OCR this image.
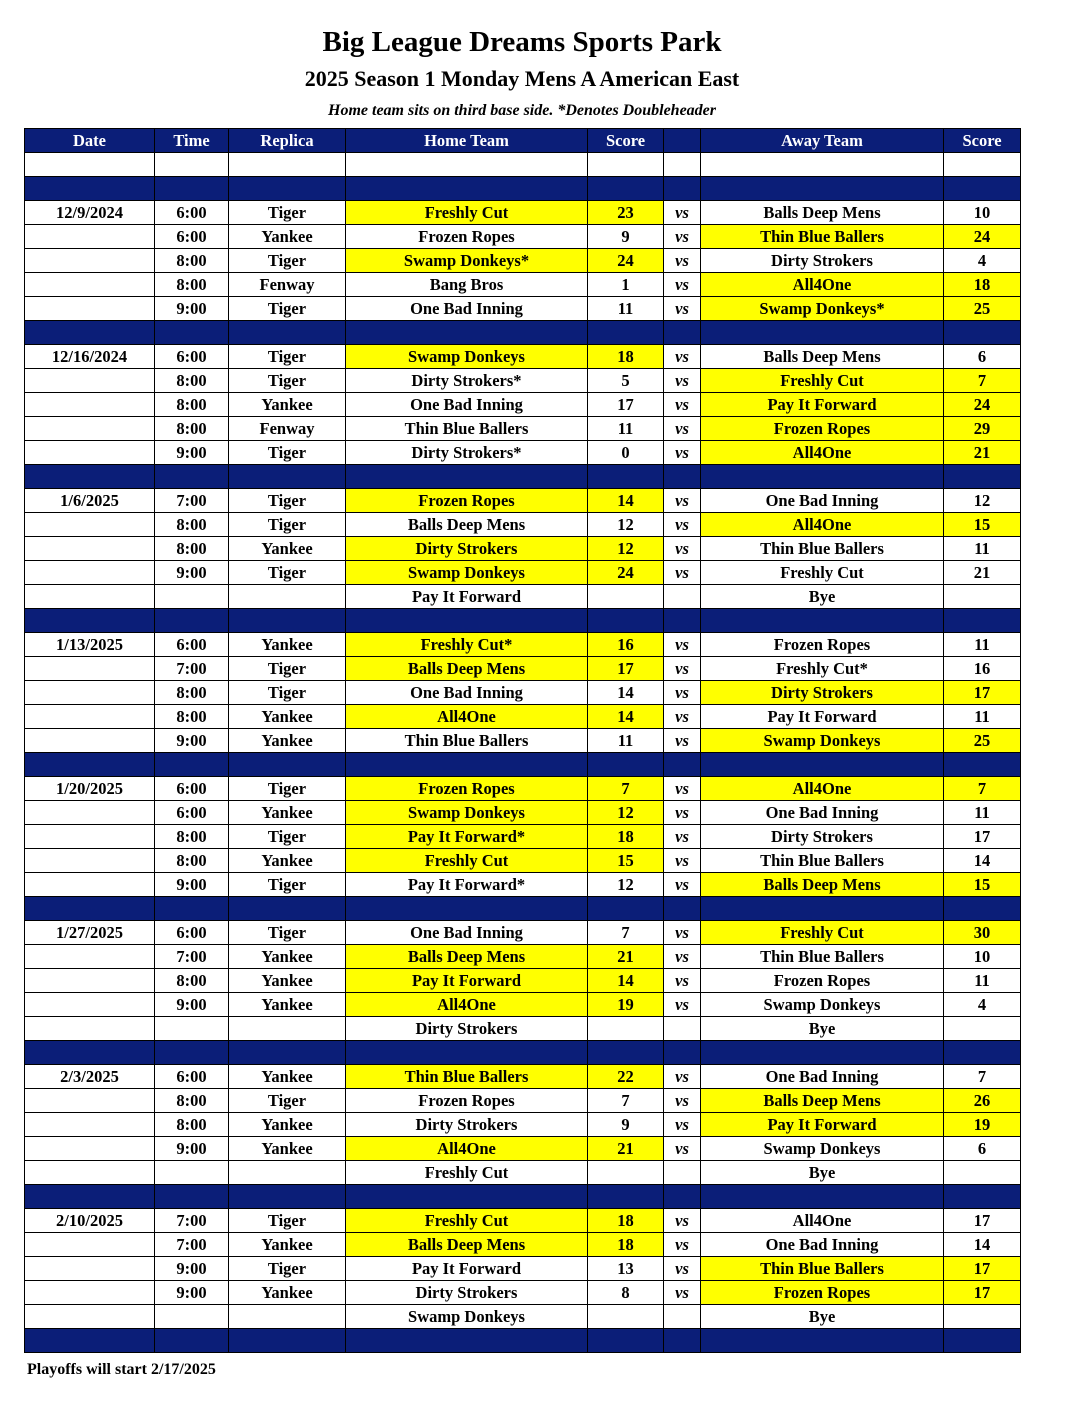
Big League Dreams Sports Park
2025 Season 1 Monday Mens A American East
Home team sits on third base side. *Denotes Doubleheader
Date	Time	Replica	Home Team	Score		Away Team	Score

12/9/2024	6:00	Tiger	Freshly Cut	23	vs	Balls Deep Mens	10
	6:00	Yankee	Frozen Ropes	9	vs	Thin Blue Ballers	24
	8:00	Tiger	Swamp Donkeys*	24	vs	Dirty Strokers	4
	8:00	Fenway	Bang Bros	1	vs	All4One	18
	9:00	Tiger	One Bad Inning	11	vs	Swamp Donkeys*	25

12/16/2024	6:00	Tiger	Swamp Donkeys	18	vs	Balls Deep Mens	6
	8:00	Tiger	Dirty Strokers*	5	vs	Freshly Cut	7
	8:00	Yankee	One Bad Inning	17	vs	Pay It Forward	24
	8:00	Fenway	Thin Blue Ballers	11	vs	Frozen Ropes	29
	9:00	Tiger	Dirty Strokers*	0	vs	All4One	21

1/6/2025	7:00	Tiger	Frozen Ropes	14	vs	One Bad Inning	12
	8:00	Tiger	Balls Deep Mens	12	vs	All4One	15
	8:00	Yankee	Dirty Strokers	12	vs	Thin Blue Ballers	11
	9:00	Tiger	Swamp Donkeys	24	vs	Freshly Cut	21
			Pay It Forward			Bye	

1/13/2025	6:00	Yankee	Freshly Cut*	16	vs	Frozen Ropes	11
	7:00	Tiger	Balls Deep Mens	17	vs	Freshly Cut*	16
	8:00	Tiger	One Bad Inning	14	vs	Dirty Strokers	17
	8:00	Yankee	All4One	14	vs	Pay It Forward	11
	9:00	Yankee	Thin Blue Ballers	11	vs	Swamp Donkeys	25

1/20/2025	6:00	Tiger	Frozen Ropes	7	vs	All4One	7
	6:00	Yankee	Swamp Donkeys	12	vs	One Bad Inning	11
	8:00	Tiger	Pay It Forward*	18	vs	Dirty Strokers	17
	8:00	Yankee	Freshly Cut	15	vs	Thin Blue Ballers	14
	9:00	Tiger	Pay It Forward*	12	vs	Balls Deep Mens	15

1/27/2025	6:00	Tiger	One Bad Inning	7	vs	Freshly Cut	30
	7:00	Yankee	Balls Deep Mens	21	vs	Thin Blue Ballers	10
	8:00	Yankee	Pay It Forward	14	vs	Frozen Ropes	11
	9:00	Yankee	All4One	19	vs	Swamp Donkeys	4
			Dirty Strokers			Bye	

2/3/2025	6:00	Yankee	Thin Blue Ballers	22	vs	One Bad Inning	7
	8:00	Tiger	Frozen Ropes	7	vs	Balls Deep Mens	26
	8:00	Yankee	Dirty Strokers	9	vs	Pay It Forward	19
	9:00	Yankee	All4One	21	vs	Swamp Donkeys	6
			Freshly Cut			Bye	

2/10/2025	7:00	Tiger	Freshly Cut	18	vs	All4One	17
	7:00	Yankee	Balls Deep Mens	18	vs	One Bad Inning	14
	9:00	Tiger	Pay It Forward	13	vs	Thin Blue Ballers	17
	9:00	Yankee	Dirty Strokers	8	vs	Frozen Ropes	17
			Swamp Donkeys			Bye	

Playoffs will start 2/17/2025
